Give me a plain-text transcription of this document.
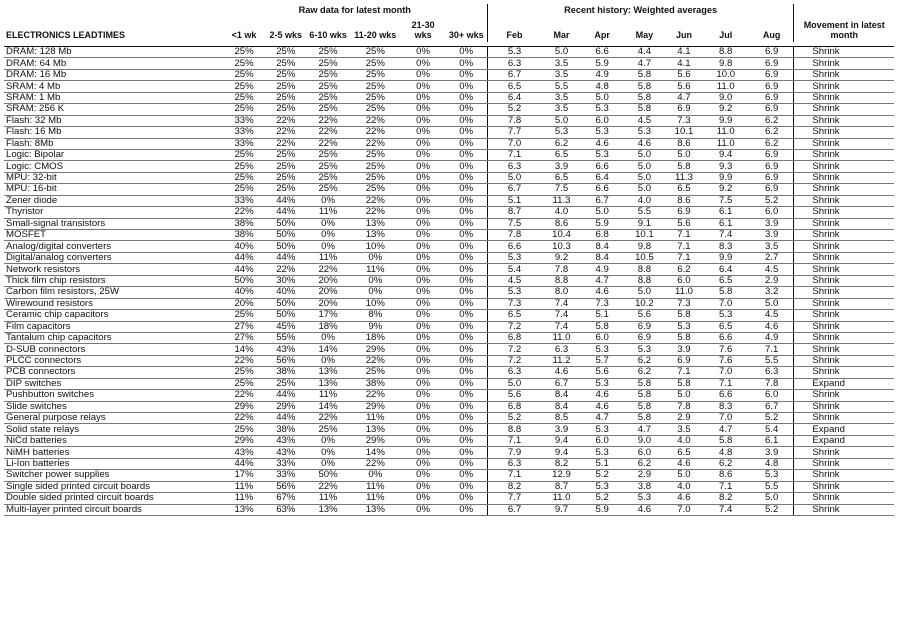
	Raw data for latest month						Recent history: Weighted averages							Movement in latest month
ELECTRONICS LEADTIMES	<1 wk	2-5 wks	6-10 wks	11-20 wks	21-30 wks	30+ wks	Feb	Mar	Apr	May	Jun	Jul	Aug	

DRAM: 128 Mb	25%	25%	25%	25%	0%	0%	5.3	5.0	6.6	4.4	4.1	8.8	6.9	Shrink
DRAM: 64 Mb	25%	25%	25%	25%	0%	0%	6.3	3.5	5.9	4.7	4.1	9.8	6.9	Shrink
DRAM: 16 Mb	25%	25%	25%	25%	0%	0%	6.7	3.5	4.9	5.8	5.6	10.0	6.9	Shrink
SRAM: 4 Mb	25%	25%	25%	25%	0%	0%	6.5	5.5	4.8	5.8	5.6	11.0	6.9	Shrink
SRAM: 1 Mb	25%	25%	25%	25%	0%	0%	6.4	3.5	5.0	5.8	4.7	9.0	6.9	Shrink
SRAM: 256 K	25%	25%	25%	25%	0%	0%	5.2	3.5	5.3	5.8	6.9	9.2	6.9	Shrink
Flash: 32 Mb	33%	22%	22%	22%	0%	0%	7.8	5.0	6.0	4.5	7.3	9.9	6.2	Shrink
Flash: 16 Mb	33%	22%	22%	22%	0%	0%	7.7	5.3	5.3	5.3	10.1	11.0	6.2	Shrink
Flash: 8Mb	33%	22%	22%	22%	0%	0%	7.0	6.2	4.6	4.6	8.6	11.0	6.2	Shrink
Logic: Bipolar	25%	25%	25%	25%	0%	0%	7.1	6.5	5.3	5.0	5.0	9.4	6.9	Shrink
Logic: CMOS	25%	25%	25%	25%	0%	0%	6.3	3.9	6.6	5.0	5.8	9.3	6.9	Shrink
MPU: 32-bit	25%	25%	25%	25%	0%	0%	5.0	6.5	6.4	5.0	11.3	9.9	6.9	Shrink
MPU: 16-bit	25%	25%	25%	25%	0%	0%	6.7	7.5	6.6	5.0	6.5	9.2	6.9	Shrink
Zener diode	33%	44%	0%	22%	0%	0%	5.1	11.3	6.7	4.0	8.6	7.5	5.2	Shrink
Thyristor	22%	44%	11%	22%	0%	0%	8.7	4.0	5.0	5.5	6.9	6.1	6.0	Shrink
Small-signal transistors	38%	50%	0%	13%	0%	0%	7.5	8.6	5.9	9.1	5.6	6.1	3.9	Shrink
MOSFET	38%	50%	0%	13%	0%	0%	7.8	10.4	6.8	10.1	7.1	7.4	3.9	Shrink
Analog/digital converters	40%	50%	0%	10%	0%	0%	6.6	10.3	8.4	9.8	7.1	8.3	3.5	Shrink
Digital/analog converters	44%	44%	11%	0%	0%	0%	5.3	9.2	8.4	10.5	7.1	9.9	2.7	Shrink
Network resistors	44%	22%	22%	11%	0%	0%	5.4	7.8	4.9	8.8	6.2	6.4	4.5	Shrink
Thick film chip resistors	50%	30%	20%	0%	0%	0%	4.5	8.8	4.7	8.8	6.0	6.5	2.9	Shrink
Carbon film resistors, 25W	40%	40%	20%	0%	0%	0%	5.3	8.0	4.6	5.0	11.0	5.8	3.2	Shrink
Wirewound resistors	20%	50%	20%	10%	0%	0%	7.3	7.4	7.3	10.2	7.3	7.0	5.0	Shrink
Ceramic chip capacitors	25%	50%	17%	8%	0%	0%	6.5	7.4	5.1	5.6	5.8	5.3	4.5	Shrink
Film capacitors	27%	45%	18%	9%	0%	0%	7.2	7.4	5.8	6.9	5.3	6.5	4.6	Shrink
Tantalum chip capacitors	27%	55%	0%	18%	0%	0%	6.8	11.0	6.0	6.9	5.8	6.6	4.9	Shrink
D-SUB connectors	14%	43%	14%	29%	0%	0%	7.2	6.3	5.3	5.3	3.9	7.6	7.1	Shrink
PLCC connectors	22%	56%	0%	22%	0%	0%	7.2	11.2	5.7	6.2	6.9	7.6	5.5	Shrink
PCB connectors	25%	38%	13%	25%	0%	0%	6.3	4.6	5.6	6.2	7.1	7.0	6.3	Shrink
DIP switches	25%	25%	13%	38%	0%	0%	5.0	6.7	5.3	5.8	5.8	7.1	7.8	Expand
Pushbutton switches	22%	44%	11%	22%	0%	0%	5.6	8.4	4.6	5.8	5.0	6.6	6.0	Shrink
Slide switches	29%	29%	14%	29%	0%	0%	6.8	8.4	4.6	5.8	7.8	8.3	6.7	Shrink
General purpose relays	22%	44%	22%	11%	0%	0%	5.2	8.5	4.7	5.8	2.9	7.0	5.2	Shrink
Solid state relays	25%	38%	25%	13%	0%	0%	8.8	3.9	5.3	4.7	3.5	4.7	5.4	Expand
NiCd batteries	29%	43%	0%	29%	0%	0%	7.1	9.4	6.0	9.0	4.0	5.8	6.1	Expand
NiMH batteries	43%	43%	0%	14%	0%	0%	7.9	9.4	5.3	6.0	6.5	4.8	3.9	Shrink
Li-Ion batteries	44%	33%	0%	22%	0%	0%	6.3	8.2	5.1	6.2	4.6	6.2	4.8	Shrink
Switcher power supplies	17%	33%	50%	0%	0%	0%	7.1	12.9	5.2	2.9	5.0	8.6	5.3	Shrink
Single sided printed circuit boards	11%	56%	22%	11%	0%	0%	8.2	8.7	5.3	3.8	4.0	7.1	5.5	Shrink
Double sided printed circuit boards	11%	67%	11%	11%	0%	0%	7.7	11.0	5.2	5.3	4.6	8.2	5.0	Shrink
Multi-layer printed circuit boards	13%	63%	13%	13%	0%	0%	6.7	9.7	5.9	4.6	7.0	7.4	5.2	Shrink
